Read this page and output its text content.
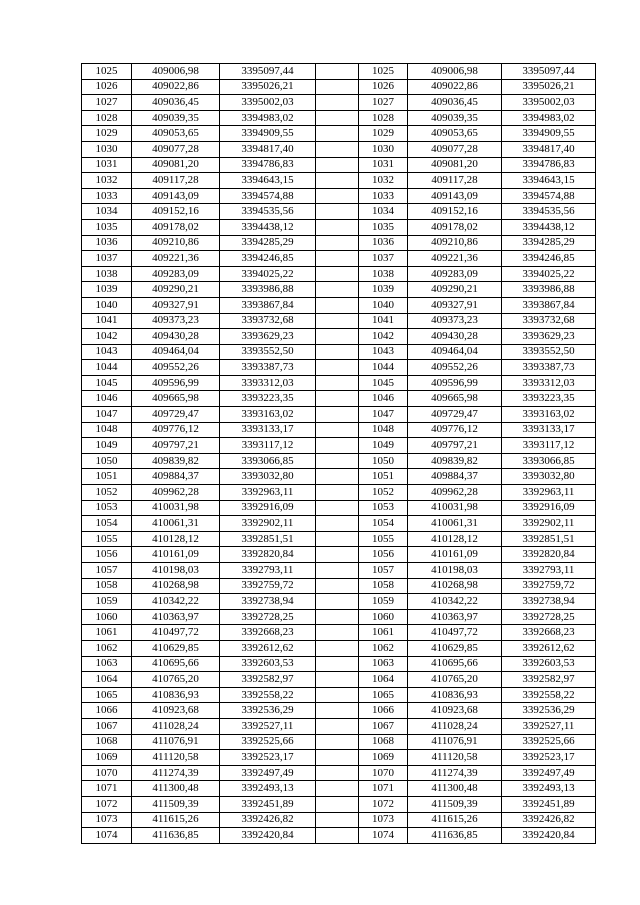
1025	409006,98	3395097,44		1025	409006,98	3395097,44
1026	409022,86	3395026,21		1026	409022,86	3395026,21
1027	409036,45	3395002,03		1027	409036,45	3395002,03
1028	409039,35	3394983,02		1028	409039,35	3394983,02
1029	409053,65	3394909,55		1029	409053,65	3394909,55
1030	409077,28	3394817,40		1030	409077,28	3394817,40
1031	409081,20	3394786,83		1031	409081,20	3394786,83
1032	409117,28	3394643,15		1032	409117,28	3394643,15
1033	409143,09	3394574,88		1033	409143,09	3394574,88
1034	409152,16	3394535,56		1034	409152,16	3394535,56
1035	409178,02	3394438,12		1035	409178,02	3394438,12
1036	409210,86	3394285,29		1036	409210,86	3394285,29
1037	409221,36	3394246,85		1037	409221,36	3394246,85
1038	409283,09	3394025,22		1038	409283,09	3394025,22
1039	409290,21	3393986,88		1039	409290,21	3393986,88
1040	409327,91	3393867,84		1040	409327,91	3393867,84
1041	409373,23	3393732,68		1041	409373,23	3393732,68
1042	409430,28	3393629,23		1042	409430,28	3393629,23
1043	409464,04	3393552,50		1043	409464,04	3393552,50
1044	409552,26	3393387,73		1044	409552,26	3393387,73
1045	409596,99	3393312,03		1045	409596,99	3393312,03
1046	409665,98	3393223,35		1046	409665,98	3393223,35
1047	409729,47	3393163,02		1047	409729,47	3393163,02
1048	409776,12	3393133,17		1048	409776,12	3393133,17
1049	409797,21	3393117,12		1049	409797,21	3393117,12
1050	409839,82	3393066,85		1050	409839,82	3393066,85
1051	409884,37	3393032,80		1051	409884,37	3393032,80
1052	409962,28	3392963,11		1052	409962,28	3392963,11
1053	410031,98	3392916,09		1053	410031,98	3392916,09
1054	410061,31	3392902,11		1054	410061,31	3392902,11
1055	410128,12	3392851,51		1055	410128,12	3392851,51
1056	410161,09	3392820,84		1056	410161,09	3392820,84
1057	410198,03	3392793,11		1057	410198,03	3392793,11
1058	410268,98	3392759,72		1058	410268,98	3392759,72
1059	410342,22	3392738,94		1059	410342,22	3392738,94
1060	410363,97	3392728,25		1060	410363,97	3392728,25
1061	410497,72	3392668,23		1061	410497,72	3392668,23
1062	410629,85	3392612,62		1062	410629,85	3392612,62
1063	410695,66	3392603,53		1063	410695,66	3392603,53
1064	410765,20	3392582,97		1064	410765,20	3392582,97
1065	410836,93	3392558,22		1065	410836,93	3392558,22
1066	410923,68	3392536,29		1066	410923,68	3392536,29
1067	411028,24	3392527,11		1067	411028,24	3392527,11
1068	411076,91	3392525,66		1068	411076,91	3392525,66
1069	411120,58	3392523,17		1069	411120,58	3392523,17
1070	411274,39	3392497,49		1070	411274,39	3392497,49
1071	411300,48	3392493,13		1071	411300,48	3392493,13
1072	411509,39	3392451,89		1072	411509,39	3392451,89
1073	411615,26	3392426,82		1073	411615,26	3392426,82
1074	411636,85	3392420,84		1074	411636,85	3392420,84
